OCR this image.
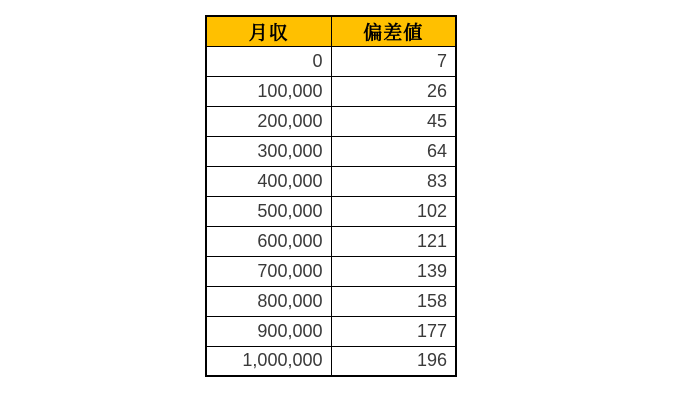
月収	偏差値
0	7
100,000	26
200,000	45
300,000	64
400,000	83
500,000	102
600,000	121
700,000	139
800,000	158
900,000	177
1,000,000	196
